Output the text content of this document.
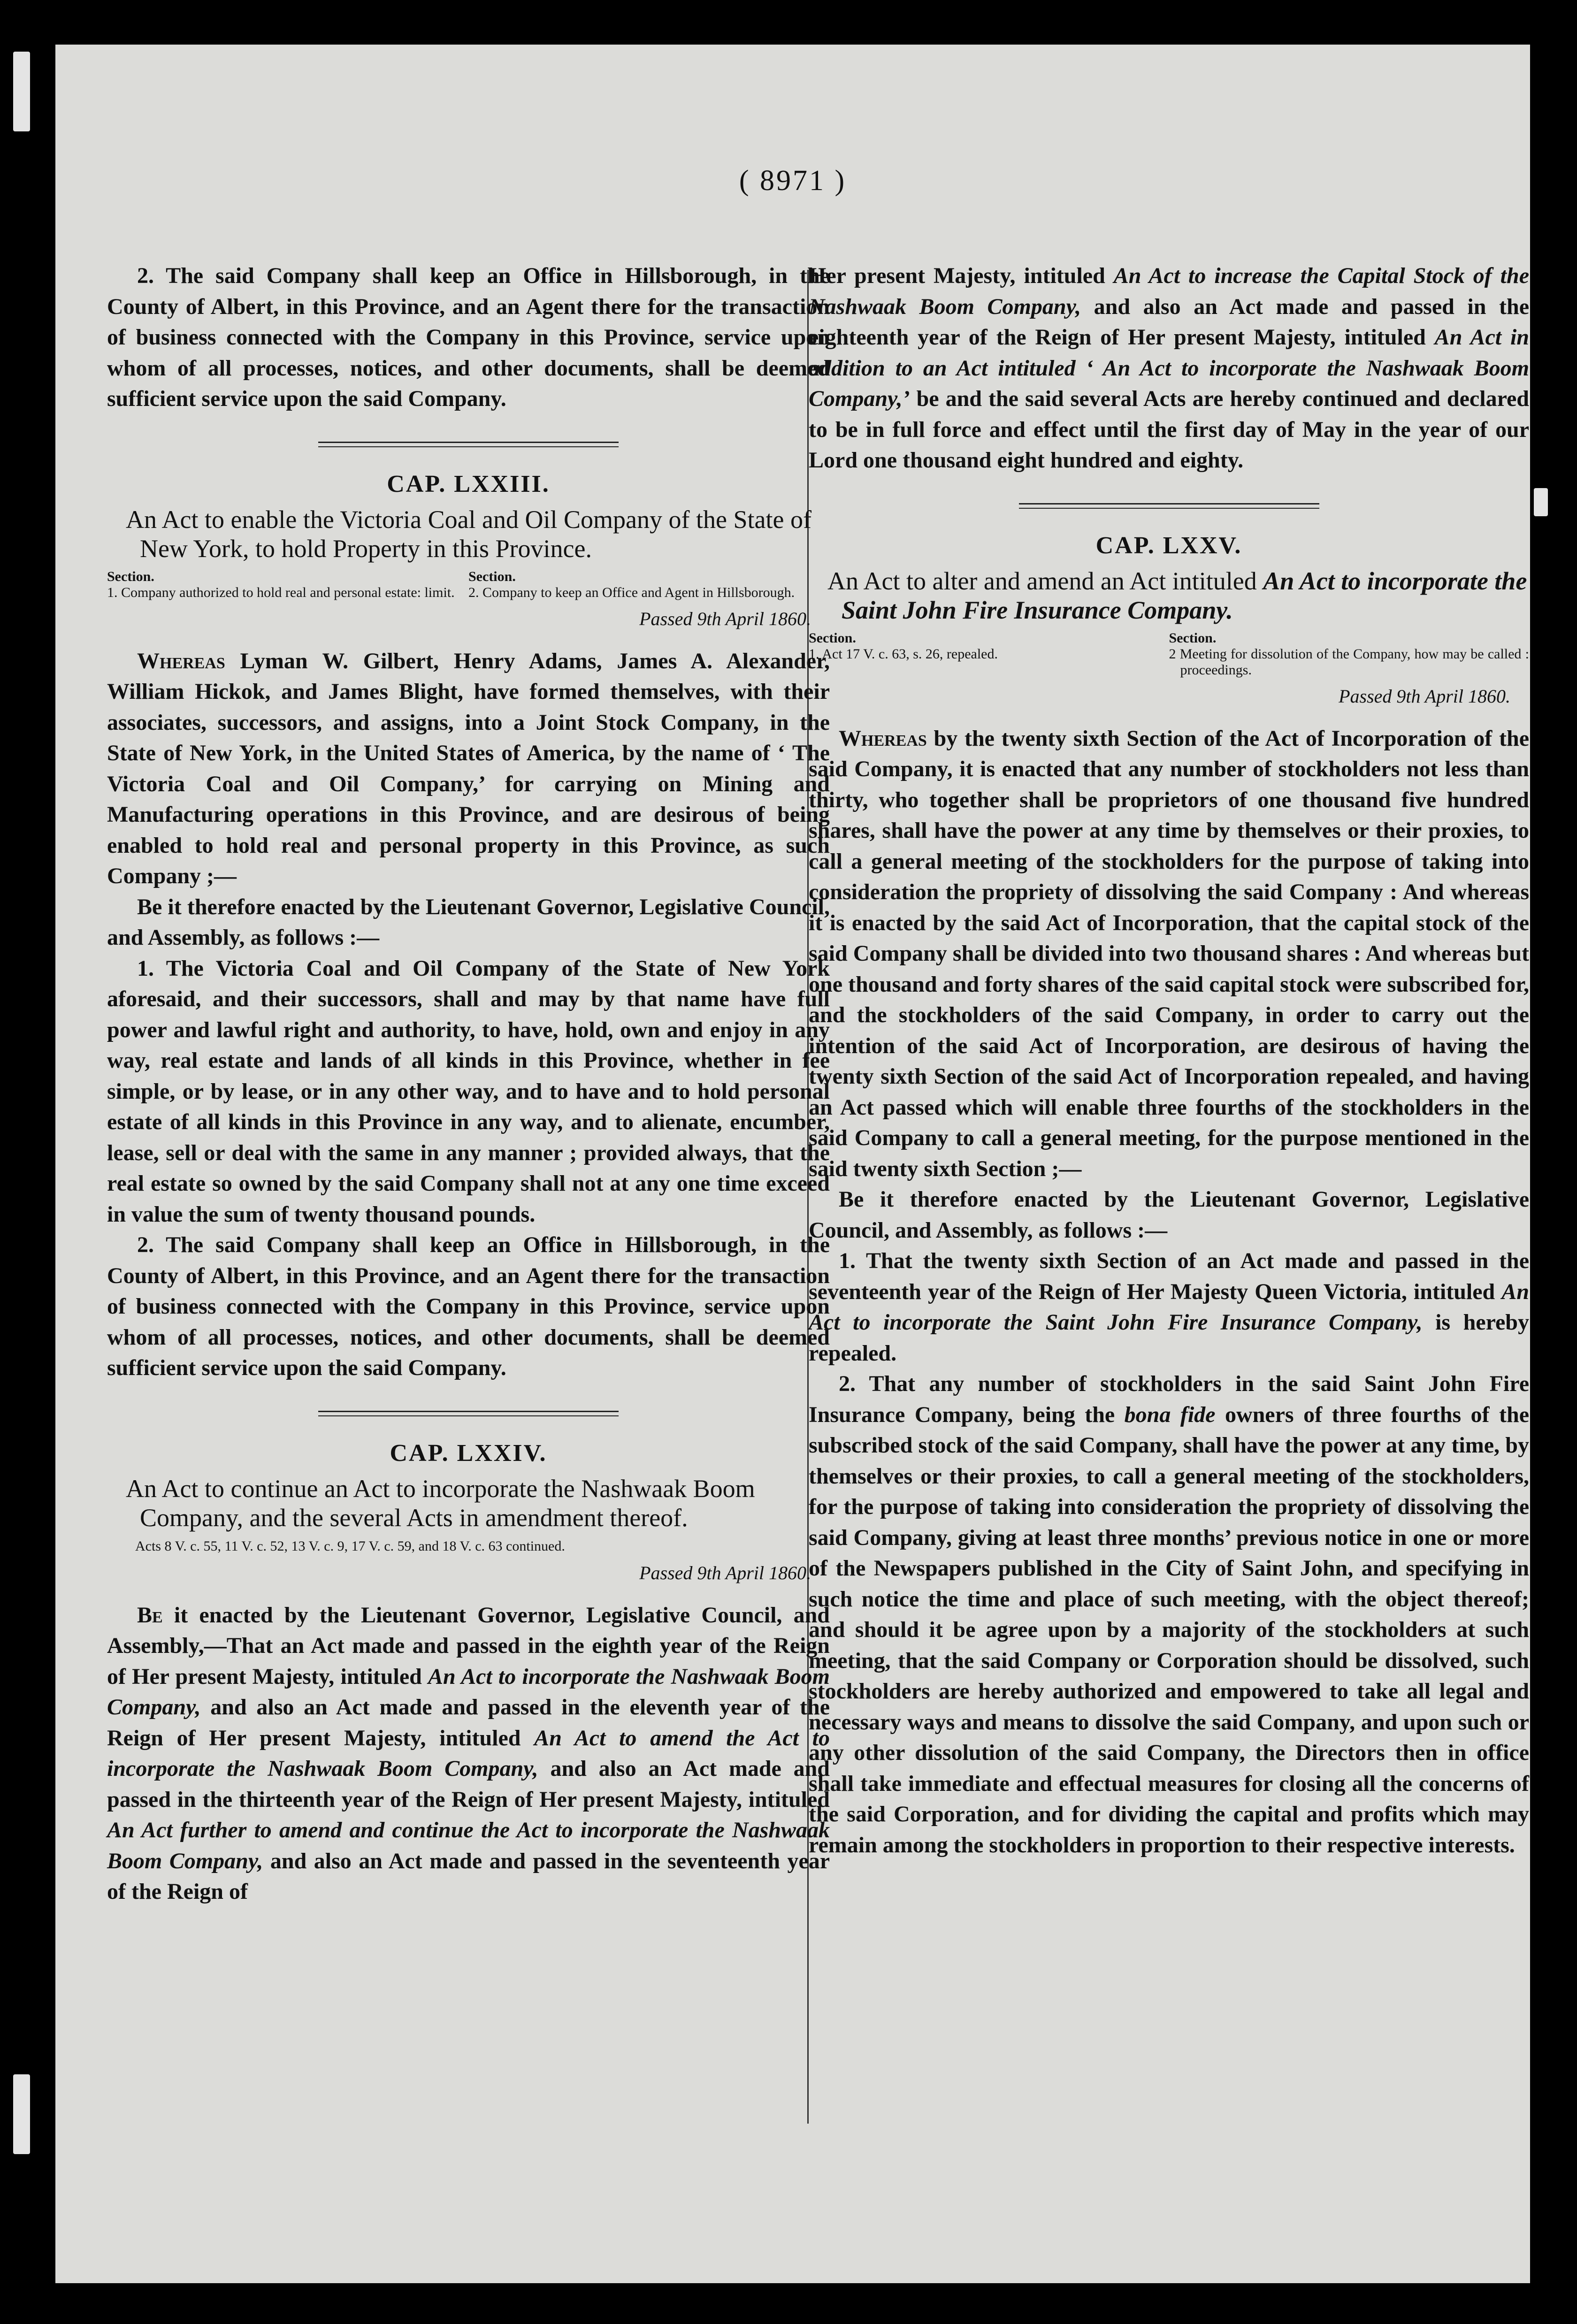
( 8971 )

2. The said Company shall keep an Office in Hillsborough, in the County of Albert, in this Province, and an Agent there for the transaction of business connected with the Company in this Province, service upon whom of all processes, notices, and other documents, shall be deemed sufficient service upon the said Company.

CAP. LXXIII.

An Act to enable the Victoria Coal and Oil Company of the State of New York, to hold Property in this Province.

Section.
1. Company authorized to hold real and personal estate: limit.
Section.
2. Company to keep an Office and Agent in Hillsborough.

Passed 9th April 1860.

Whereas Lyman W. Gilbert, Henry Adams, James A. Alexander, William Hickok, and James Blight, have formed themselves, with their associates, successors, and assigns, into a Joint Stock Company, in the State of New York, in the United States of America, by the name of ‘ The Victoria Coal and Oil Company,’ for carrying on Mining and Manufacturing operations in this Province, and are desirous of being enabled to hold real and personal property in this Province, as such Company ;—

Be it therefore enacted by the Lieutenant Governor, Legislative Council, and Assembly, as follows :—

1. The Victoria Coal and Oil Company of the State of New York aforesaid, and their successors, shall and may by that name have full power and lawful right and authority, to have, hold, own and enjoy in any way, real estate and lands of all kinds in this Province, whether in fee simple, or by lease, or in any other way, and to have and to hold personal estate of all kinds in this Province in any way, and to alienate, encumber, lease, sell or deal with the same in any manner ; provided always, that the real estate so owned by the said Company shall not at any one time exceed in value the sum of twenty thousand pounds.

2. The said Company shall keep an Office in Hillsborough, in the County of Albert, in this Province, and an Agent there for the transaction of business connected with the Company in this Province, service upon whom of all processes, notices, and other documents, shall be deemed sufficient service upon the said Company.

CAP. LXXIV.

An Act to continue an Act to incorporate the Nashwaak Boom Company, and the several Acts in amendment thereof.

Acts 8 V. c. 55, 11 V. c. 52, 13 V. c. 9, 17 V. c. 59, and 18 V. c. 63 continued.

Passed 9th April 1860.

Be it enacted by the Lieutenant Governor, Legislative Council, and Assembly,—That an Act made and passed in the eighth year of the Reign of Her present Majesty, intituled An Act to incorporate the Nashwaak Boom Company, and also an Act made and passed in the eleventh year of the Reign of Her present Majesty, intituled An Act to amend the Act to incorporate the Nashwaak Boom Company, and also an Act made and passed in the thirteenth year of the Reign of Her present Majesty, intituled An Act further to amend and continue the Act to incorporate the Nashwaak Boom Company, and also an Act made and passed in the seventeenth year of the Reign of

Her present Majesty, intituled An Act to increase the Capital Stock of the Nashwaak Boom Company, and also an Act made and passed in the eighteenth year of the Reign of Her present Majesty, intituled An Act in addition to an Act intituled ‘ An Act to incorporate the Nashwaak Boom Company,’ be and the said several Acts are hereby continued and declared to be in full force and effect until the first day of May in the year of our Lord one thousand eight hundred and eighty.

CAP. LXXV.

An Act to alter and amend an Act intituled An Act to incorporate the Saint John Fire Insurance Company.

Section.
1. Act 17 V. c. 63, s. 26, repealed.
Section.
2 Meeting for dissolution of the Company, how may be called : proceedings.

Passed 9th April 1860.

Whereas by the twenty sixth Section of the Act of Incorporation of the said Company, it is enacted that any number of stockholders not less than thirty, who together shall be proprietors of one thousand five hundred shares, shall have the power at any time by themselves or their proxies, to call a general meeting of the stockholders for the purpose of taking into consideration the propriety of dissolving the said Company : And whereas it is enacted by the said Act of Incorporation, that the capital stock of the said Company shall be divided into two thousand shares : And whereas but one thousand and forty shares of the said capital stock were subscribed for, and the stockholders of the said Company, in order to carry out the intention of the said Act of Incorporation, are desirous of having the twenty sixth Section of the said Act of Incorporation repealed, and having an Act passed which will enable three fourths of the stockholders in the said Company to call a general meeting, for the purpose mentioned in the said twenty sixth Section ;—

Be it therefore enacted by the Lieutenant Governor, Legislative Council, and Assembly, as follows :—

1. That the twenty sixth Section of an Act made and passed in the seventeenth year of the Reign of Her Majesty Queen Victoria, intituled An Act to incorporate the Saint John Fire Insurance Company, is hereby repealed.

2. That any number of stockholders in the said Saint John Fire Insurance Company, being the bona fide owners of three fourths of the subscribed stock of the said Company, shall have the power at any time, by themselves or their proxies, to call a general meeting of the stockholders, for the purpose of taking into consideration the propriety of dissolving the said Company, giving at least three months’ previous notice in one or more of the Newspapers published in the City of Saint John, and specifying in such notice the time and place of such meeting, with the object thereof; and should it be agree upon by a majority of the stockholders at such meeting, that the said Company or Corporation should be dissolved, such stockholders are hereby authorized and empowered to take all legal and necessary ways and means to dissolve the said Company, and upon such or any other dissolution of the said Company, the Directors then in office shall take immediate and effectual measures for closing all the concerns of the said Corporation, and for dividing the capital and profits which may remain among the stockholders in proportion to their respective interests.
